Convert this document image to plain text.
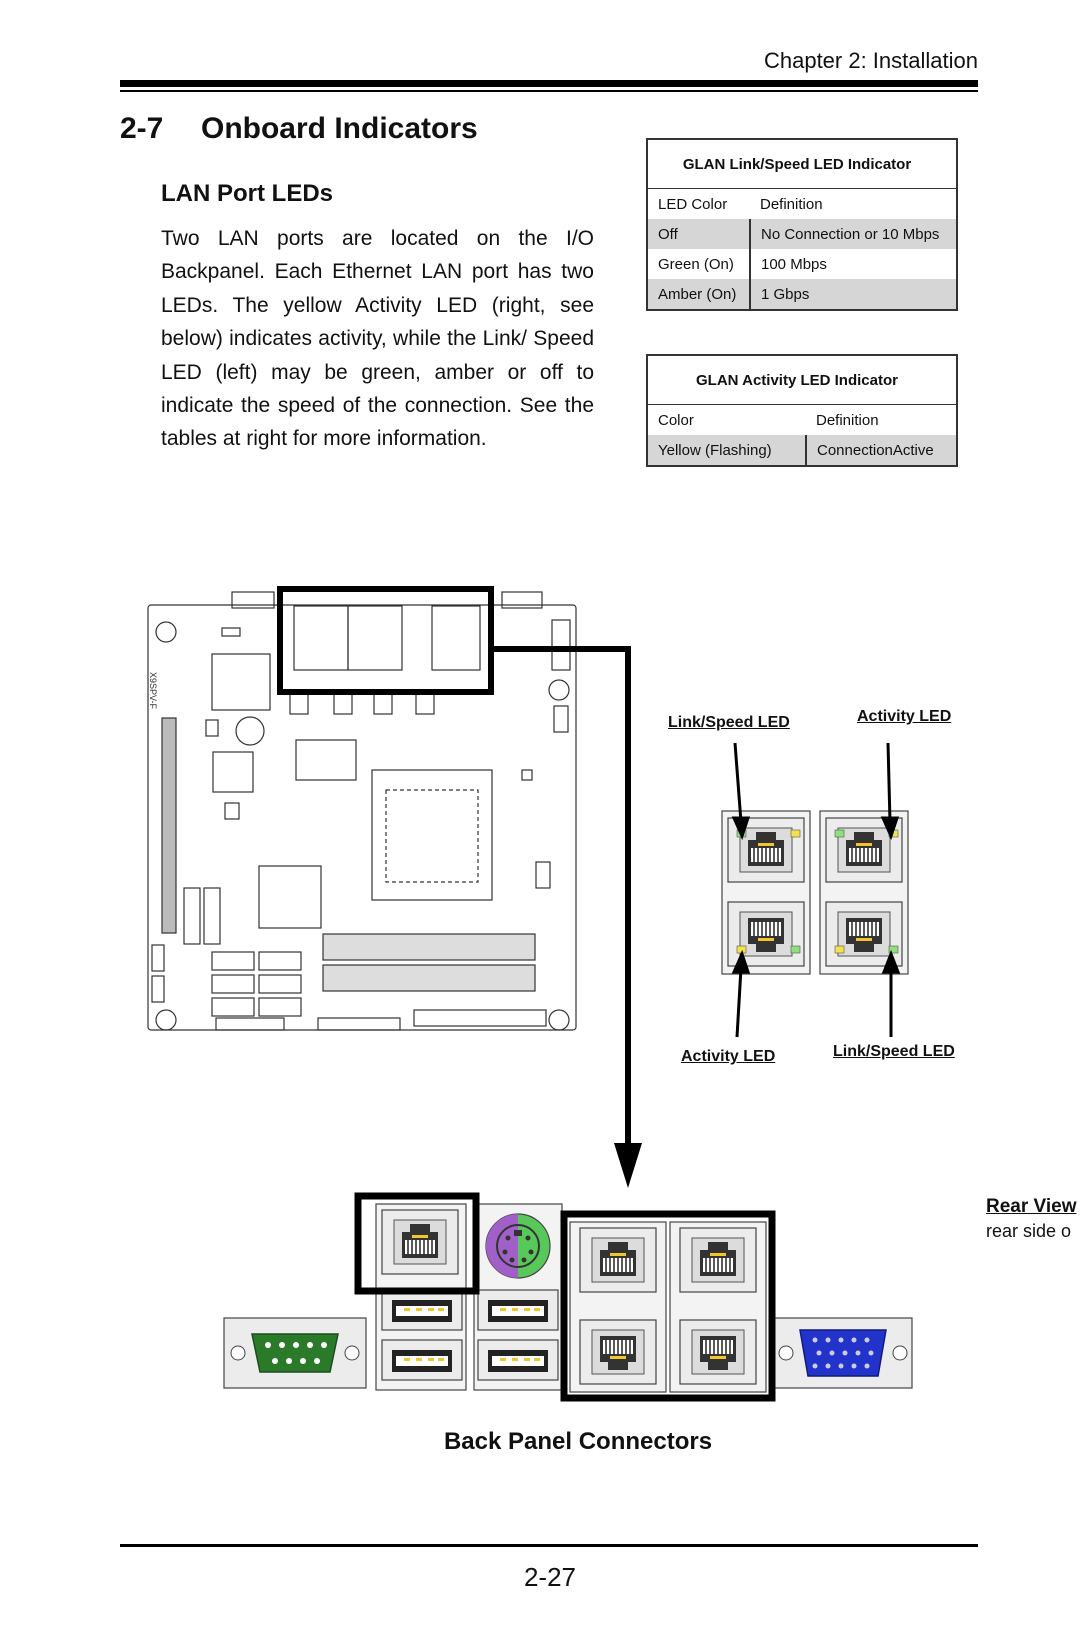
Chapter 2: Installation
2-7 Onboard Indicators
LAN Port LEDs
Two LAN ports are located on the I/O Backpanel. Each Ethernet LAN port has two LEDs. The yellow Activity LED (right, see below) indicates activity, while the Link/ Speed LED (left) may be green, amber or off to indicate the speed of the connection. See the tables at right for more information.
GLAN Link/Speed LED Indicator	
LED Color	Definition
Off	No Connection or 10 Mbps
Green (On)	100 Mbps
Amber (On)	1 Gbps
GLAN Activity LED Indicator	
Color	Definition
Yellow (Flashing)	ConnectionActive
X9SPV-F
Link/Speed LED	Activity LED
Activity LED	Link/Speed LED
Back Panel Connectors
Rear View
rear side o
2-27
